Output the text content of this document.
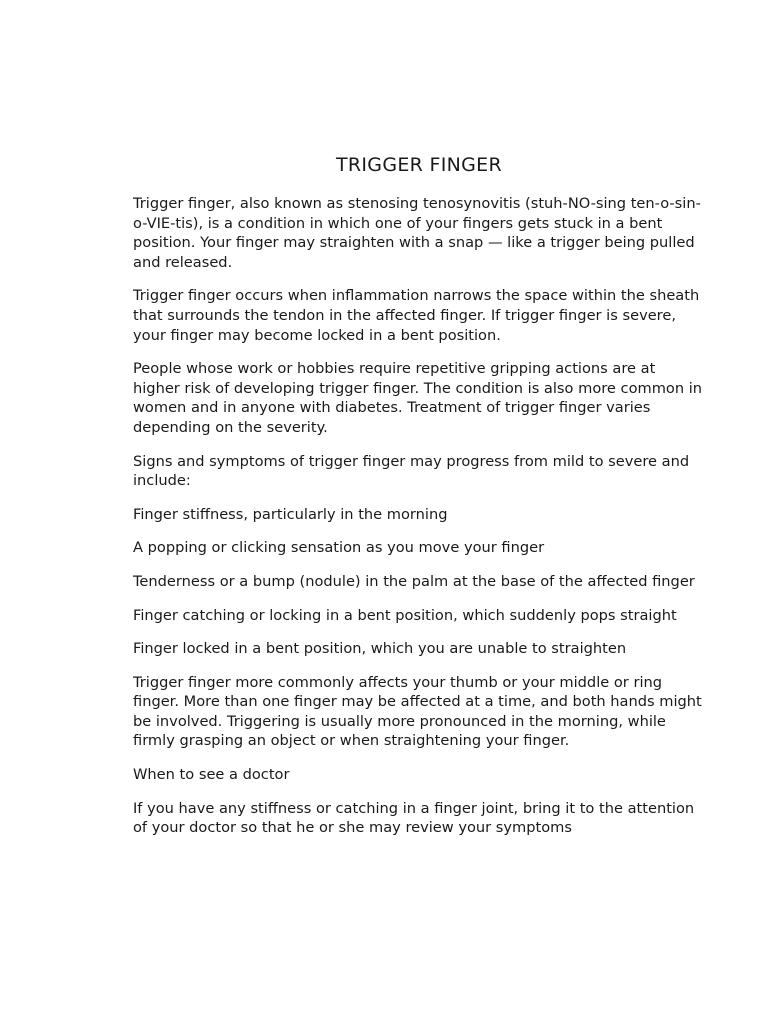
TRIGGER FINGER

Trigger finger, also known as stenosing tenosynovitis (stuh-NO-sing ten-o-sin-o-VIE-tis), is a condition in which one of your fingers gets stuck in a bent position. Your finger may straighten with a snap — like a trigger being pulled and released.

Trigger finger occurs when inflammation narrows the space within the sheath that surrounds the tendon in the affected finger. If trigger finger is severe, your finger may become locked in a bent position.

People whose work or hobbies require repetitive gripping actions are at higher risk of developing trigger finger. The condition is also more common in women and in anyone with diabetes. Treatment of trigger finger varies depending on the severity.

Signs and symptoms of trigger finger may progress from mild to severe and include:

Finger stiffness, particularly in the morning

A popping or clicking sensation as you move your finger

Tenderness or a bump (nodule) in the palm at the base of the affected finger

Finger catching or locking in a bent position, which suddenly pops straight

Finger locked in a bent position, which you are unable to straighten

Trigger finger more commonly affects your thumb or your middle or ring finger. More than one finger may be affected at a time, and both hands might be involved. Triggering is usually more pronounced in the morning, while firmly grasping an object or when straightening your finger.

When to see a doctor

If you have any stiffness or catching in a finger joint, bring it to the attention of your doctor so that he or she may review your symptoms
